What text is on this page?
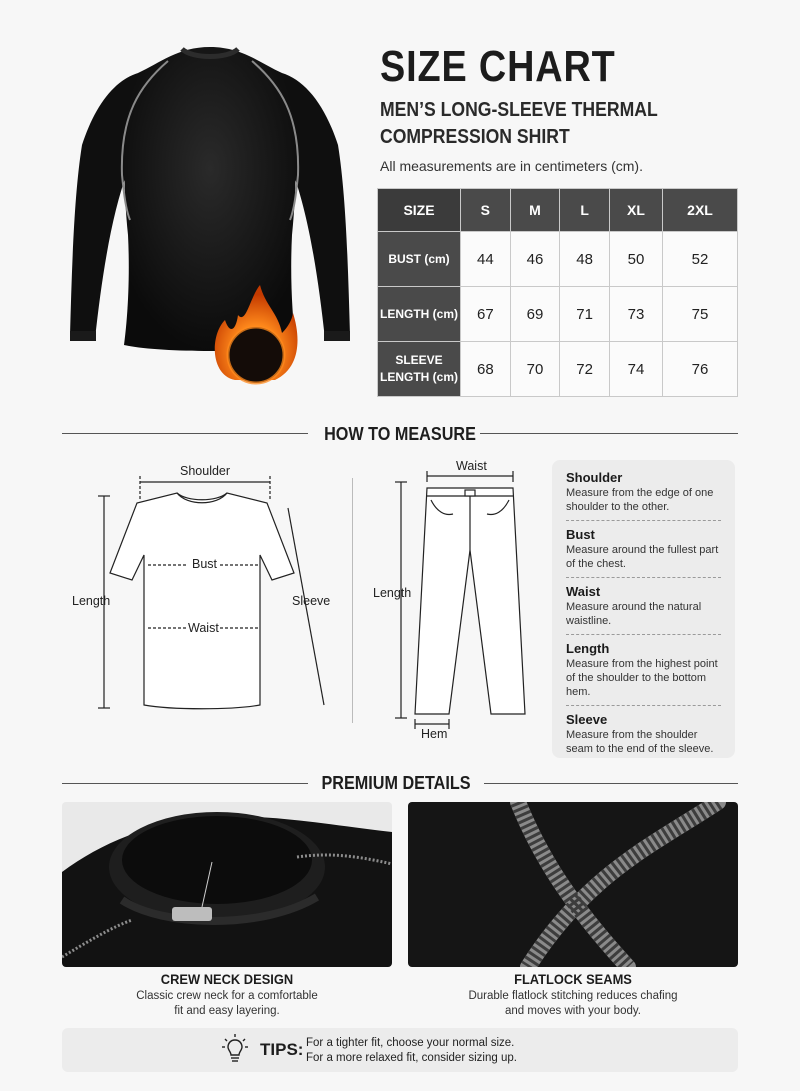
SIZE CHART
MEN’S LONG-SLEEVE THERMAL
COMPRESSION SHIRT
All measurements are in centimeters (cm).
SIZE	S	M	L	XL	2XL
BUST (cm)	44	46	48	50	52
LENGTH (cm)	67	69	71	73	75

SLEEVE
LENGTH (cm)	68	70	72	74	76
HOW TO MEASURE
Shoulder
Bust
Waist
Length	Sleeve
Waist
Length
Hem
Shoulder
Measure from the edge of one shoulder to the other.
Bust
Measure around the fullest part of the chest.
Waist
Measure around the natural waistline.
Length
Measure from the highest point of the shoulder to the bottom hem.
Sleeve
Measure from the shoulder seam to the end of the sleeve.
PREMIUM DETAILS
CREW NECK DESIGN
Classic crew neck for a comfortable
fit and easy layering.
FLATLOCK SEAMS
Durable flatlock stitching reduces chafing
and moves with your body.
TIPS: For a tighter fit, choose your normal size.
For a more relaxed fit, consider sizing up.
